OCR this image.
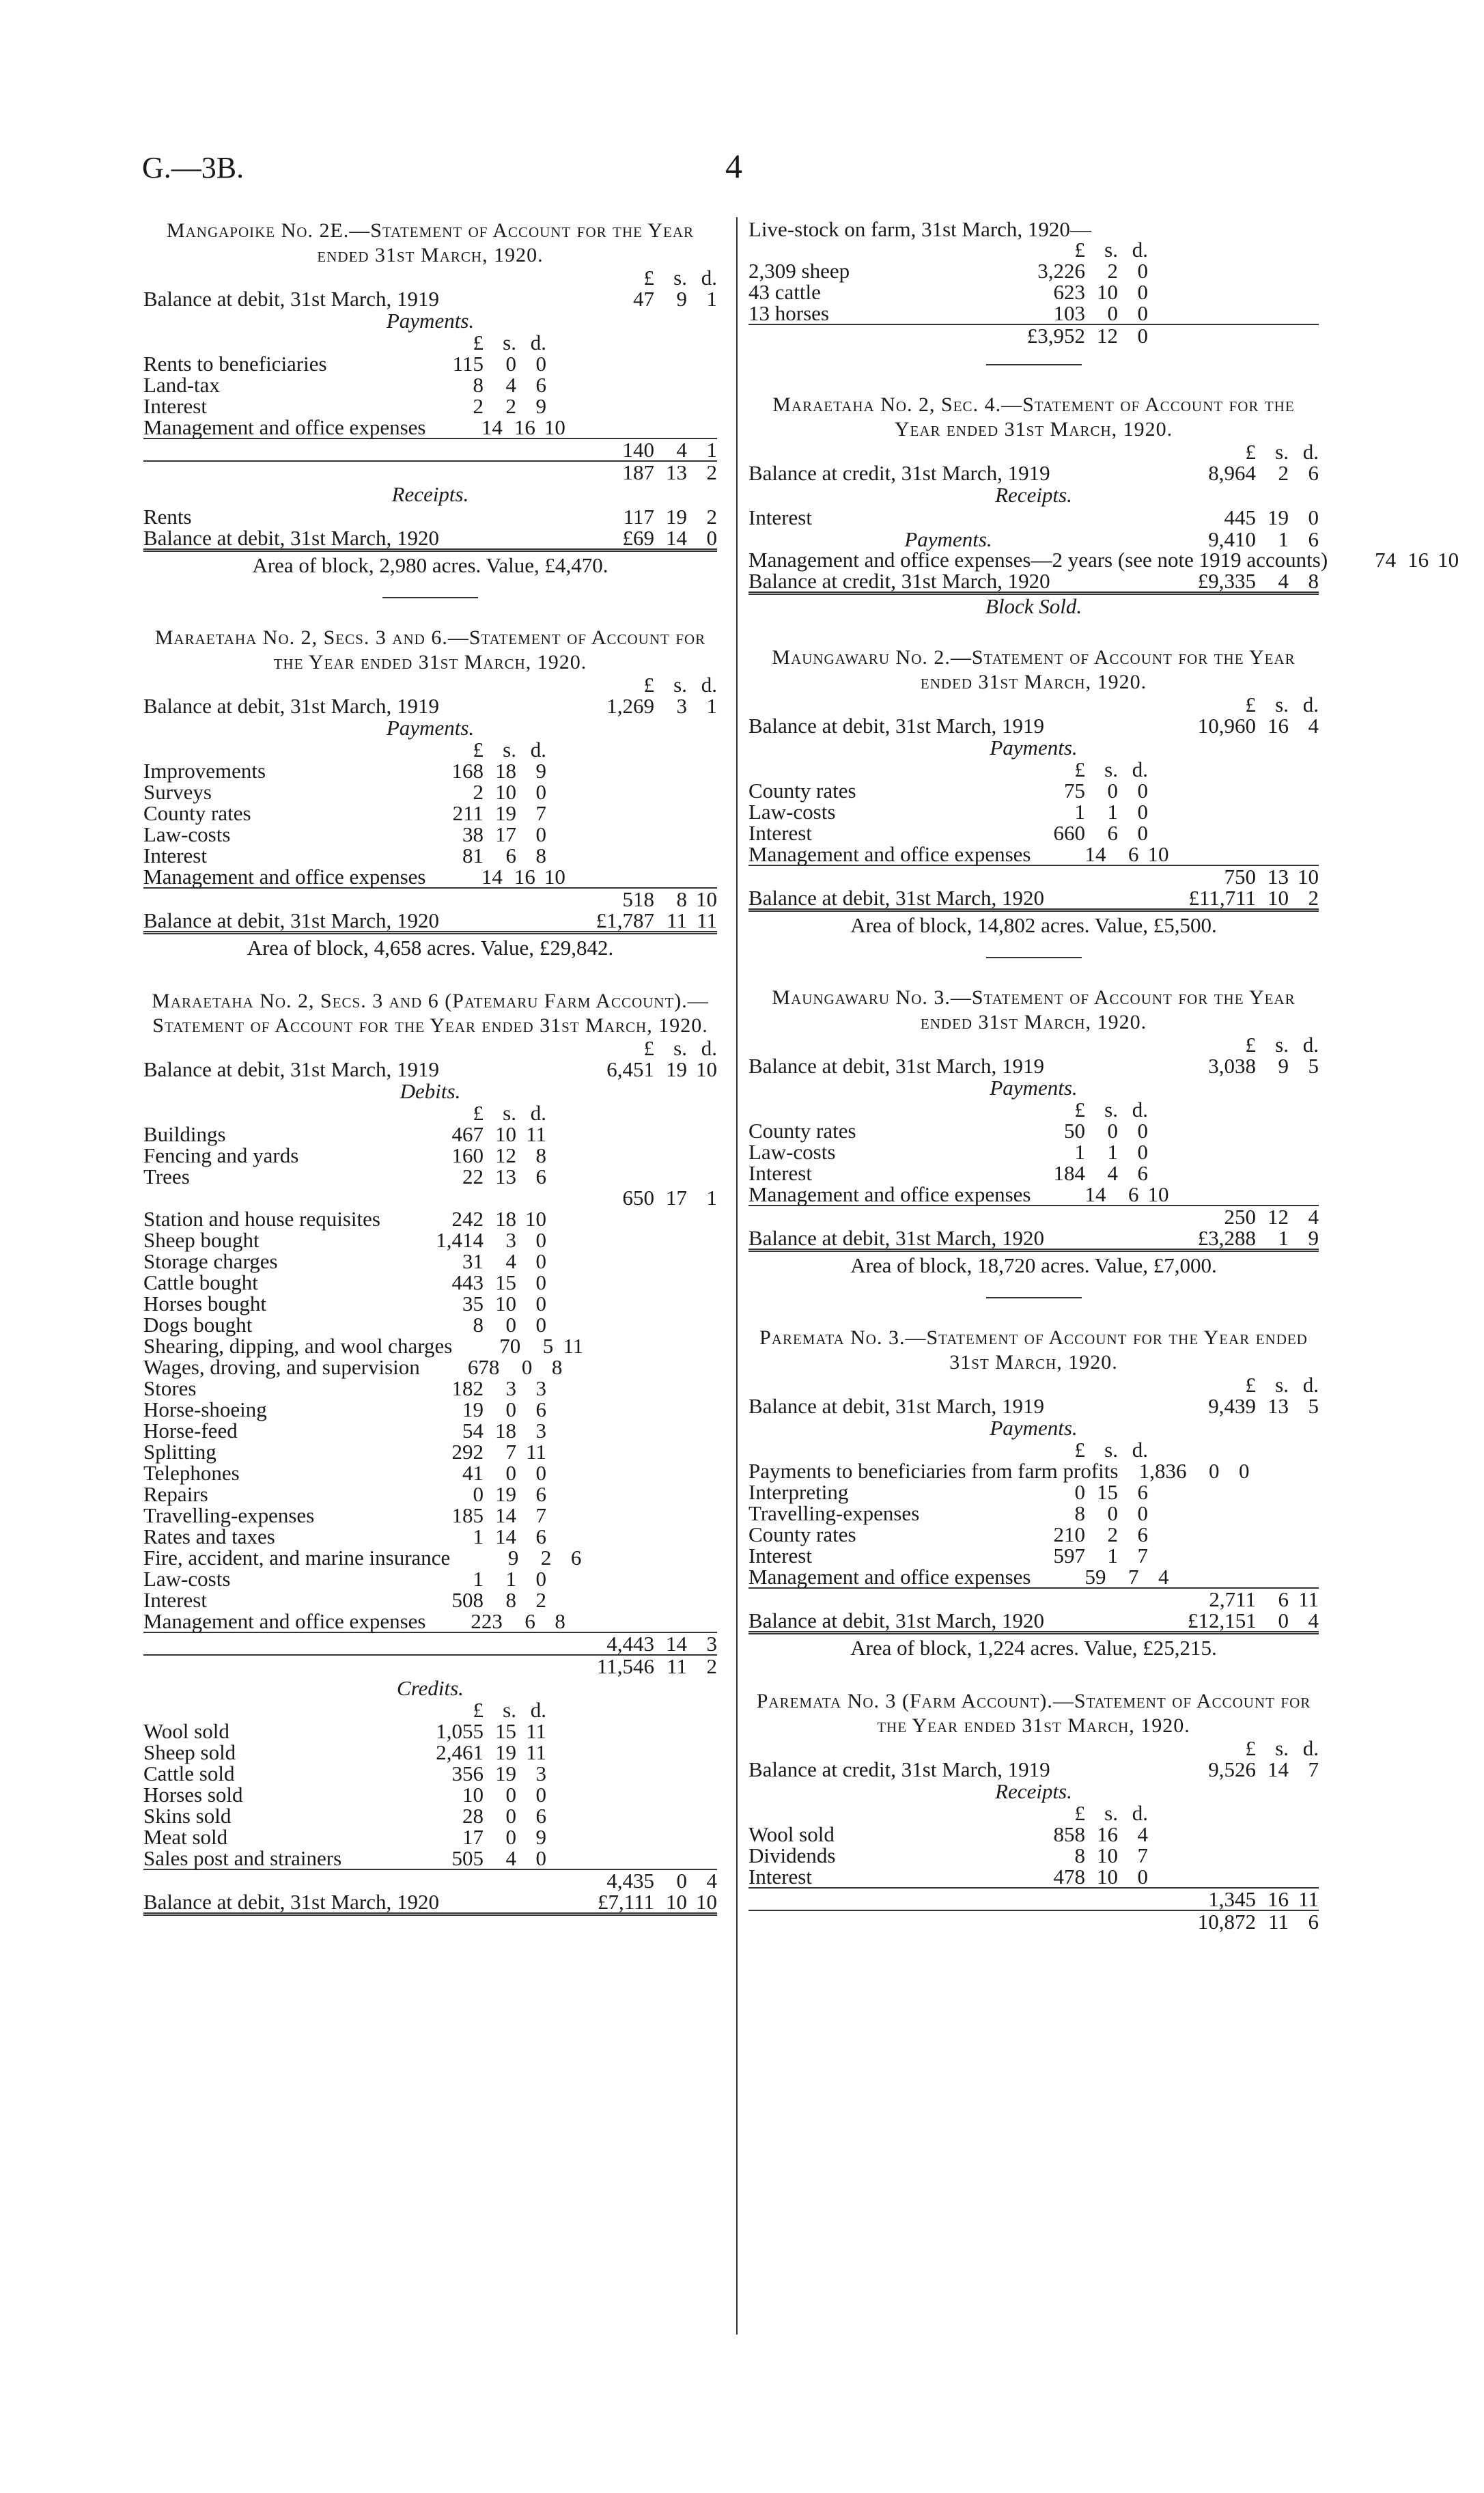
G.—3B.	4
Mangapoike No. 2E.—Statement of Account for the Year ended 31st March, 1920.
£ s. d.
Balance at debit, 31st March, 1919	47	9 1
Payments.
£ s. d.
Rents to beneficiaries	115	0 0
Land-tax	8	4 6
Interest	2	2 9
Management and office expenses	14 16 10
140	4 1
187 13 2
Receipts.
Rents	117 19 2
Balance at debit, 31st March, 1920	£69 14 0
Area of block, 2,980 acres. Value, £4,470.
Maraetaha No. 2, Secs. 3 and 6.—Statement of Account for the Year ended 31st March, 1920.
£ s. d.
Balance at debit, 31st March, 1919	1,269	3 1
Payments.
£ s. d.
Improvements	168 18 9
Surveys	2 10 0
County rates	211 19 7
Law-costs	38 17 0
Interest	81	6 8
Management and office expenses	14 16 10
518	8 10
Balance at debit, 31st March, 1920	£1,787 11 11
Area of block, 4,658 acres. Value, £29,842.
Maraetaha No. 2, Secs. 3 and 6 (Patemaru Farm Account).—Statement of Account for the Year ended 31st March, 1920.
£ s. d.
Balance at debit, 31st March, 1919	6,451 19 10
Debits.
£ s. d.
Buildings	467 10 11
Fencing and yards	160 12 8
Trees	22 13 6
650 17 1
Station and house requisites	242 18 10
Sheep bought	1,414	3 0
Storage charges	31	4 0
Cattle bought	443 15 0
Horses bought	35 10 0
Dogs bought	8	0 0
Shearing, dipping, and wool charges	70	5 11
Wages, droving, and supervision	678	0 8
Stores	182	3 3
Horse-shoeing	19	0 6
Horse-feed	54 18 3
Splitting	292	7 11
Telephones	41	0 0
Repairs	0 19 6
Travelling-expenses	185 14 7
Rates and taxes	1 14 6
Fire, accident, and marine insurance	9	2 6
Law-costs	1	1 0
Interest	508	8 2
Management and office expenses	223	6 8
4,443 14 3
11,546 11 2
Credits.
£ s. d.
Wool sold	1,055 15 11
Sheep sold	2,461 19 11
Cattle sold	356 19 3
Horses sold	10	0 0
Skins sold	28	0 6
Meat sold	17	0 9
Sales post and strainers	505	4 0
4,435	0 4
Balance at debit, 31st March, 1920	£7,111 10 10
Live-stock on farm, 31st March, 1920—
£ s. d.
2,309 sheep	3,226	2 0
43 cattle	623 10 0
13 horses	103	0 0
£3,952 12 0
Maraetaha No. 2, Sec. 4.—Statement of Account for the Year ended 31st March, 1920.
£ s. d.
Balance at credit, 31st March, 1919	8,964	2 6
Receipts.
Interest	445 19 0
Payments.	9,410	1 6
Management and office expenses—2 years (see note 1919 accounts)	74 16 10
Balance at credit, 31st March, 1920	£9,335	4 8
Block Sold.
Maungawaru No. 2.—Statement of Account for the Year ended 31st March, 1920.
£ s. d.
Balance at debit, 31st March, 1919	10,960 16 4
Payments.
£ s. d.
County rates	75	0 0
Law-costs	1	1 0
Interest	660	6 0
Management and office expenses	14	6 10
750 13 10
Balance at debit, 31st March, 1920	£11,711 10 2
Area of block, 14,802 acres. Value, £5,500.
Maungawaru No. 3.—Statement of Account for the Year ended 31st March, 1920.
£ s. d.
Balance at debit, 31st March, 1919	3,038	9 5
Payments.
£ s. d.
County rates	50	0 0
Law-costs	1	1 0
Interest	184	4 6
Management and office expenses	14	6 10
250 12 4
Balance at debit, 31st March, 1920	£3,288	1 9
Area of block, 18,720 acres. Value, £7,000.
Paremata No. 3.—Statement of Account for the Year ended 31st March, 1920.
£ s. d.
Balance at debit, 31st March, 1919	9,439 13 5
Payments.
£ s. d.
Payments to beneficiaries from farm profits 1,836	0 0
Interpreting	0 15 6
Travelling-expenses	8	0 0
County rates	210	2 6
Interest	597	1 7
Management and office expenses	59	7 4
2,711	6 11
Balance at debit, 31st March, 1920	£12,151	0 4
Area of block, 1,224 acres. Value, £25,215.
Paremata No. 3 (Farm Account).—Statement of Account for the Year ended 31st March, 1920.
£ s. d.
Balance at credit, 31st March, 1919	9,526 14 7
Receipts.
£ s. d.
Wool sold	858 16 4
Dividends	8 10 7
Interest	478 10 0
1,345 16 11
10,872 11 6
